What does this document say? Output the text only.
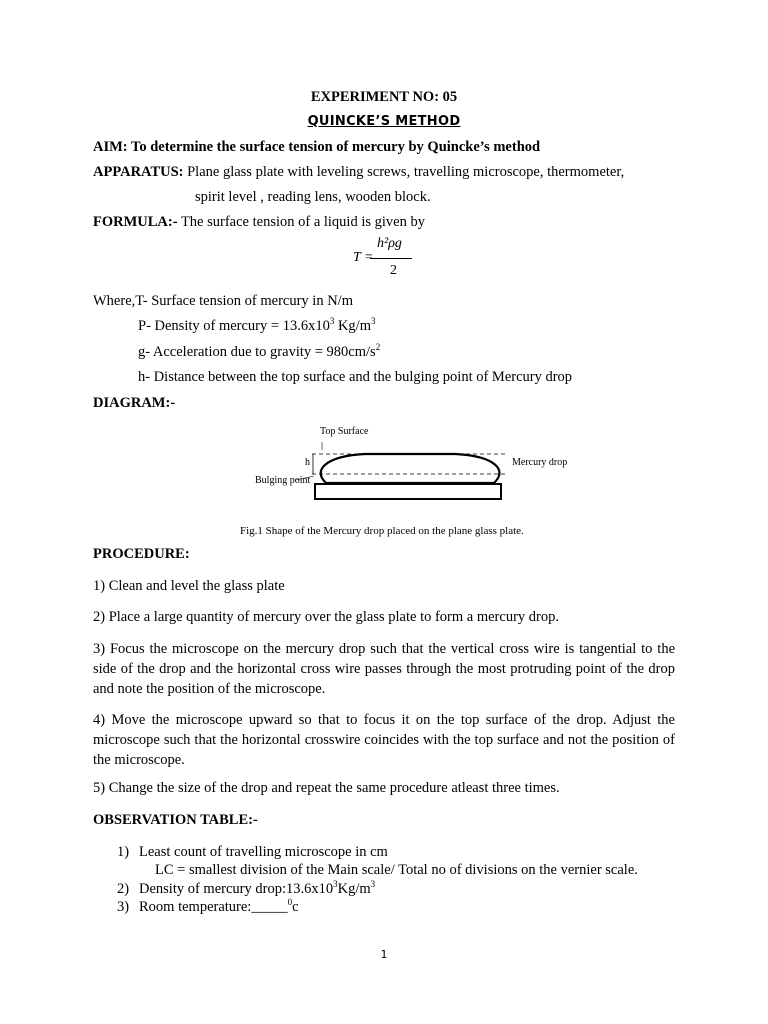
EXPERIMENT NO: 05
QUINCKE’S METHOD
AIM: To determine the surface tension of mercury by Quincke’s method
APPARATUS: Plane glass plate with leveling screws, travelling microscope, thermometer,
spirit level , reading lens, wooden block.
FORMULA:- The surface tension of a liquid is given by
T =
h²ρg
2
Where,T- Surface tension of mercury in N/m
Ρ- Density of mercury = $13.6x10^3$ $Kg/m^3$
g- Acceleration due to gravity = $980cm/s^2$
h- Distance between the top surface and the bulging point of Mercury drop
DIAGRAM:-
Top Surface
h	Mercury drop
Bulging point
Fig.1 Shape of the Mercury drop placed on the plane glass plate.
PROCEDURE:
1) Clean and level the glass plate
2) Place a large quantity of mercury over the glass plate to form a mercury drop.
3) Focus the microscope on the mercury drop such that the vertical cross wire is tangential to the side of the drop and the horizontal cross wire passes through the most protruding point of the drop and note the position of the microscope.
4) Move the microscope upward so that to focus it on the top surface of the drop. Adjust the microscope such that the horizontal crosswire coincides with the top surface and not the position of the microscope.
5) Change the size of the drop and repeat the same procedure atleast three times.
OBSERVATION TABLE:-
1) Least count of travelling microscope in cm
LC = smallest division of the Main scale/ Total no of divisions on the vernier scale.
2) Density of mercury $drop:13.6x10^3Kg/m^3$
3) Room temperature:_____$^0$c
1
